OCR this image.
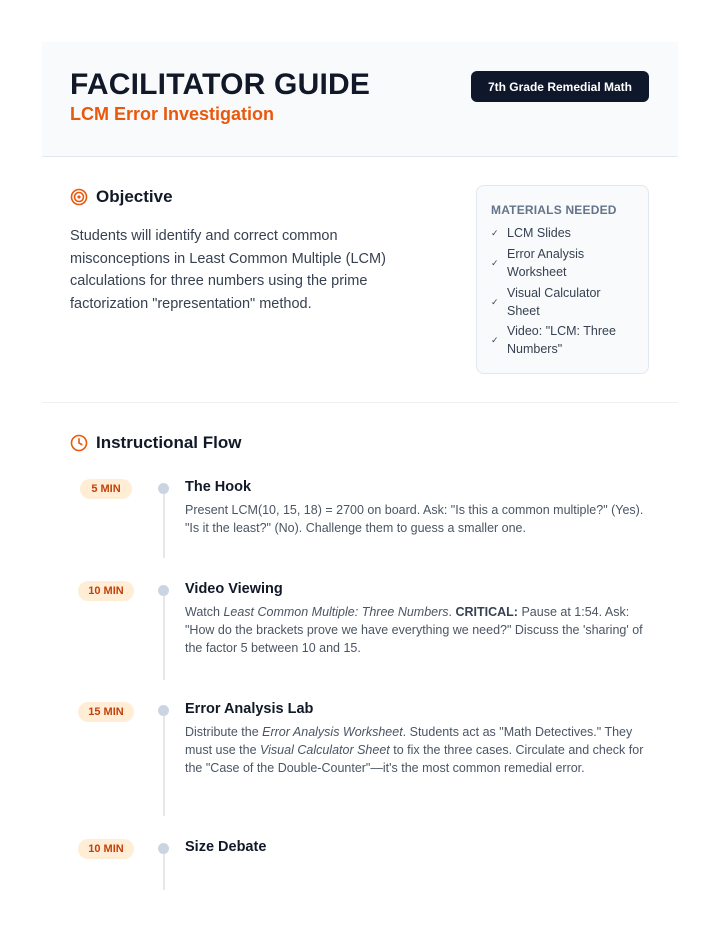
FACILITATOR GUIDE
LCM Error Investigation
7th Grade Remedial Math
Objective
Students will identify and correct common misconceptions in Least Common Multiple (LCM) calculations for three numbers using the prime factorization "representation" method.
MATERIALS NEEDED
✓ LCM Slides
✓
Error Analysis Worksheet
✓
Visual Calculator Sheet
✓
Video: "LCM: Three Numbers"
Instructional Flow
5 MIN	The Hook
Present LCM(10, 15, 18) = 2700 on board. Ask: "Is this a common multiple?" (Yes). "Is it the least?" (No). Challenge them to guess a smaller one.
10 MIN	Video Viewing
Watch Least Common Multiple: Three Numbers. CRITICAL: Pause at 1:54. Ask: "How do the brackets prove we have everything we need?" Discuss the 'sharing' of the factor 5 between 10 and 15.
15 MIN	Error Analysis Lab
Distribute the Error Analysis Worksheet. Students act as "Math Detectives." They must use the Visual Calculator Sheet to fix the three cases. Circulate and check for the "Case of the Double-Counter"—it's the most common remedial error.
10 MIN	Size Debate
